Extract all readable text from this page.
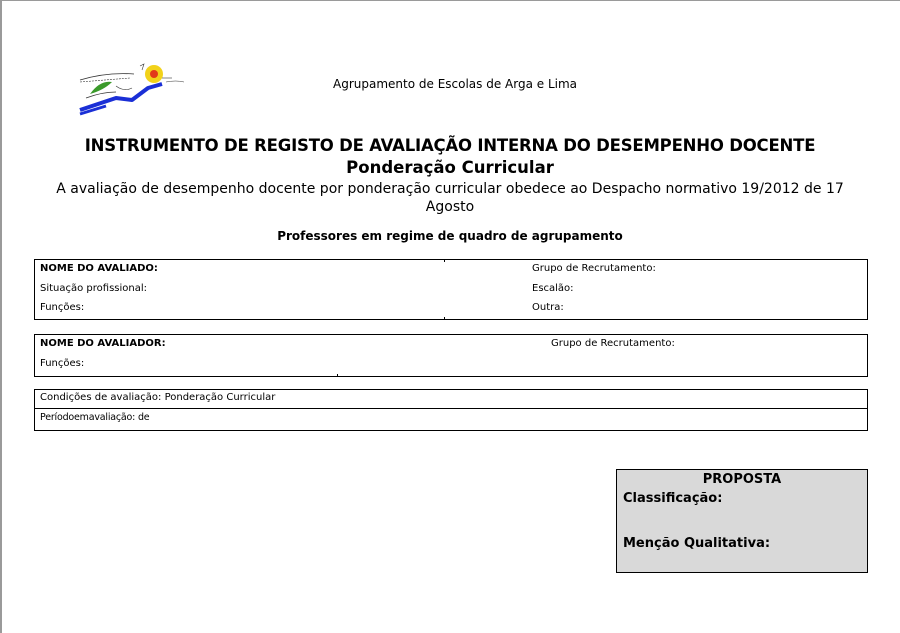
Agrupamento de Escolas de Arga e Lima
INSTRUMENTO DE REGISTO DE AVALIAÇÃO INTERNA DO DESEMPENHO DOCENTE
Ponderação Curricular
A avaliação de desempenho docente por ponderação curricular obedece ao Despacho normativo 19/2012 de 17
Agosto
Professores em regime de quadro de agrupamento
NOME DO AVALIADO:	Grupo de Recrutamento:
Situação profissional:	Escalão:
Funções:	Outra:
NOME DO AVALIADOR:	Grupo de Recrutamento:
Funções:
Condições de avaliação: Ponderação Curricular
Períodoemavaliação: de
PROPOSTA
Classificação:
Menção Qualitativa:
